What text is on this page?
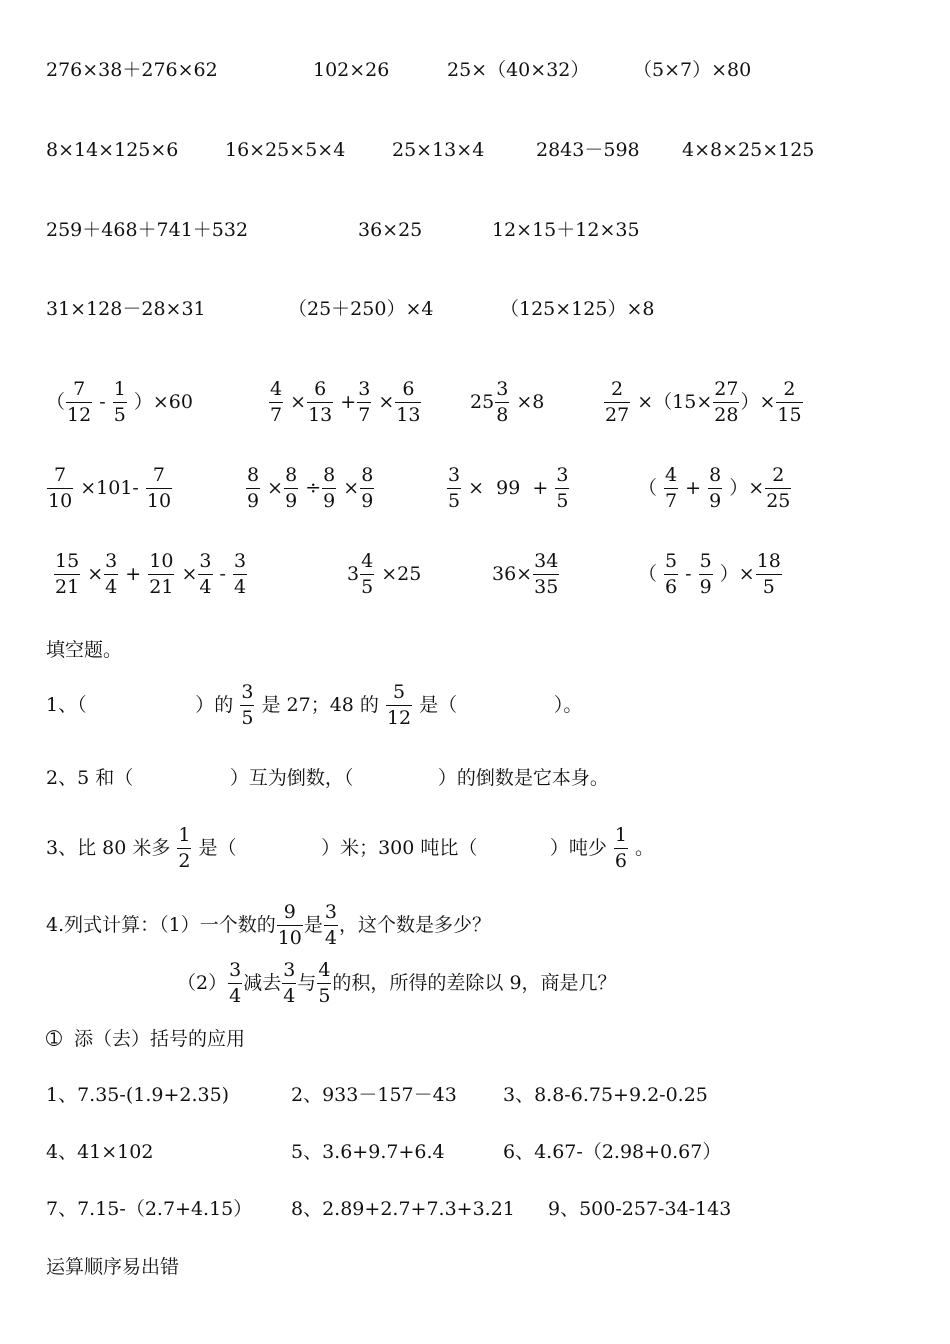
276×38＋276×62	102×26	25×（40×32） （5×7）×80
8×14×125×6 16×25×5×4 25×13×4	2843－598 4×8×25×125
259＋468＋741＋532	36×25	12×15＋12×35
31×128－28×31	（25＋250）×4	（125×125）×8
（
7
12
-
1
5
）×60	$\frac{4}{7} \times \frac{6}{13} + \frac{3}{7} \times \frac{6}{13}$	$25 \frac{3}{8} \times 8$	$\frac{2}{27} \times(15\times \frac{27}{28}$ ）× $\frac{2}{15}$
$\frac{7}{10} \times 101-$
7
10	$\frac{8}{9} \times \frac{8}{9} \div \frac{8}{9} \times \frac{8}{9}$	$\frac{3}{5} \times 99 + \frac{3}{5}$	（
4
7
+ $\frac{8}{9}$ ）× $\frac{2}{25}$
$\frac{15}{21} \times \frac{3}{4} + \frac{10}{21} \times \frac{3}{4}$ -
3
4
$3 \frac{4}{5} \times 25$	$36\times \frac{34}{35}$	（
5
6
-
5
9
）× $\frac{18}{5}$
填空题。
1、（                  ）的
3
5
是 27；48 的
5
12
是（                ）。
2、5 和（                ）互为倒数，（              ）的倒数是它本身。
3、比 80 米多
1
2
是（              ）米；300 吨比（            ）吨少
1
6
。
4.列式计算：（1）一个数的
9
10
是
3
4
，这个数是多少？
（2）
3
4
减去
3
4
与
4
5
的积，所得的差除以 9，商是几？
➀  添（去）括号的应用
1、7.35-(1.9+2.35)	2、933－157－43 3、8.8-6.75+9.2-0.25
4、41×102	5、3.6+9.7+6.4	6、4.67-（2.98+0.67）
7、7.15-（2.7+4.15） 8、2.89+2.7+7.3+3.21 9、500-257-34-143
运算顺序易出错
